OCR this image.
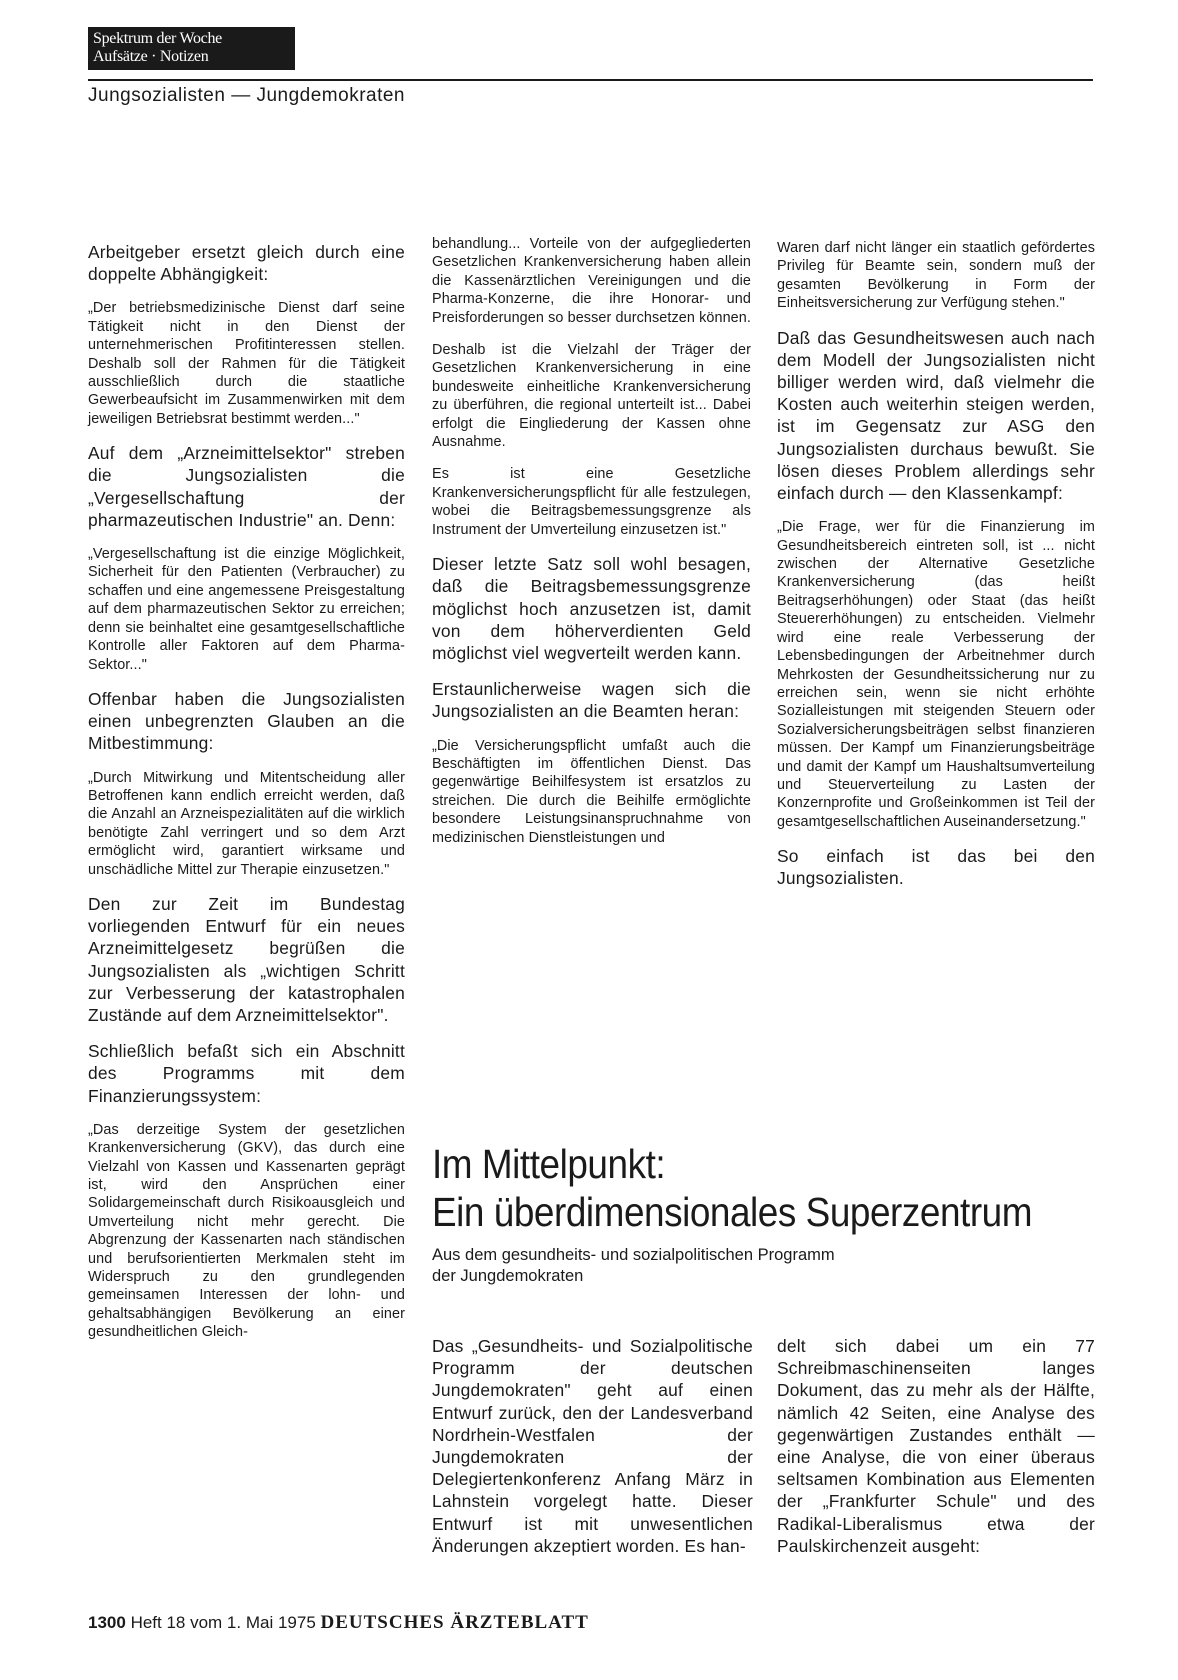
Spektrum der Woche
Aufsätze · Notizen
Jungsozialisten — Jungdemokraten

Arbeitgeber ersetzt gleich durch eine doppelte Abhängigkeit:

„Der betriebsmedizinische Dienst darf seine Tätigkeit nicht in den Dienst der unternehmerischen Profitinteressen stellen. Deshalb soll der Rahmen für die Tätigkeit ausschließlich durch die staatliche Gewerbeaufsicht im Zusammenwirken mit dem jeweiligen Betriebsrat bestimmt werden..."

Auf dem „Arzneimittelsektor" streben die Jungsozialisten die „Vergesellschaftung der pharmazeutischen Industrie" an. Denn:

„Vergesellschaftung ist die einzige Möglichkeit, Sicherheit für den Patienten (Verbraucher) zu schaffen und eine angemessene Preisgestaltung auf dem pharmazeutischen Sektor zu erreichen; denn sie beinhaltet eine gesamtgesellschaftliche Kontrolle aller Faktoren auf dem Pharma-Sektor..."

Offenbar haben die Jungsozialisten einen unbegrenzten Glauben an die Mitbestimmung:

„Durch Mitwirkung und Mitentscheidung aller Betroffenen kann endlich erreicht werden, daß die Anzahl an Arzneispezialitäten auf die wirklich benötigte Zahl verringert und so dem Arzt ermöglicht wird, garantiert wirksame und unschädliche Mittel zur Therapie einzusetzen."

Den zur Zeit im Bundestag vorliegenden Entwurf für ein neues Arzneimittelgesetz begrüßen die Jungsozialisten als „wichtigen Schritt zur Verbesserung der katastrophalen Zustände auf dem Arzneimittelsektor".

Schließlich befaßt sich ein Abschnitt des Programms mit dem Finanzierungssystem:

„Das derzeitige System der gesetzlichen Krankenversicherung (GKV), das durch eine Vielzahl von Kassen und Kassenarten geprägt ist, wird den Ansprüchen einer Solidargemeinschaft durch Risikoausgleich und Umverteilung nicht mehr gerecht. Die Abgrenzung der Kassenarten nach ständischen und berufsorientierten Merkmalen steht im Widerspruch zu den grundlegenden gemeinsamen Interessen der lohn- und gehaltsabhängigen Bevölkerung an einer gesundheitlichen Gleich-

behandlung... Vorteile von der aufgegliederten Gesetzlichen Krankenversicherung haben allein die Kassenärztlichen Vereinigungen und die Pharma-Konzerne, die ihre Honorar- und Preisforderungen so besser durchsetzen können.

Deshalb ist die Vielzahl der Träger der Gesetzlichen Krankenversicherung in eine bundesweite einheitliche Krankenversicherung zu überführen, die regional unterteilt ist... Dabei erfolgt die Eingliederung der Kassen ohne Ausnahme.

Es ist eine Gesetzliche Krankenversicherungspflicht für alle festzulegen, wobei die Beitragsbemessungsgrenze als Instrument der Umverteilung einzusetzen ist."

Dieser letzte Satz soll wohl besagen, daß die Beitragsbemessungsgrenze möglichst hoch anzusetzen ist, damit von dem höherverdienten Geld möglichst viel wegverteilt werden kann.

Erstaunlicherweise wagen sich die Jungsozialisten an die Beamten heran:

„Die Versicherungspflicht umfaßt auch die Beschäftigten im öffentlichen Dienst. Das gegenwärtige Beihilfesystem ist ersatzlos zu streichen. Die durch die Beihilfe ermöglichte besondere Leistungsinanspruchnahme von medizinischen Dienstleistungen und

Waren darf nicht länger ein staatlich gefördertes Privileg für Beamte sein, sondern muß der gesamten Bevölkerung in Form der Einheitsversicherung zur Verfügung stehen."

Daß das Gesundheitswesen auch nach dem Modell der Jungsozialisten nicht billiger werden wird, daß vielmehr die Kosten auch weiterhin steigen werden, ist im Gegensatz zur ASG den Jungsozialisten durchaus bewußt. Sie lösen dieses Problem allerdings sehr einfach durch — den Klassenkampf:

„Die Frage, wer für die Finanzierung im Gesundheitsbereich eintreten soll, ist ... nicht zwischen der Alternative Gesetzliche Krankenversicherung (das heißt Beitragserhöhungen) oder Staat (das heißt Steuererhöhungen) zu entscheiden. Vielmehr wird eine reale Verbesserung der Lebensbedingungen der Arbeitnehmer durch Mehrkosten der Gesundheitssicherung nur zu erreichen sein, wenn sie nicht erhöhte Sozialleistungen mit steigenden Steuern oder Sozialversicherungsbeiträgen selbst finanzieren müssen. Der Kampf um Finanzierungsbeiträge und damit der Kampf um Haushaltsumverteilung und Steuerverteilung zu Lasten der Konzernprofite und Großeinkommen ist Teil der gesamtgesellschaftlichen Auseinandersetzung."

So einfach ist das bei den Jungsozialisten.

Im Mittelpunkt:
Ein überdimensionales Superzentrum
Aus dem gesundheits- und sozialpolitischen Programm
der Jungdemokraten

Das „Gesundheits- und Sozialpolitische Programm der deutschen Jungdemokraten" geht auf einen Entwurf zurück, den der Landesverband Nordrhein-Westfalen der Jungdemokraten der Delegiertenkonferenz Anfang März in Lahnstein vorgelegt hatte. Dieser Entwurf ist mit unwesentlichen Änderungen akzeptiert worden. Es han-

delt sich dabei um ein 77 Schreibmaschinenseiten langes Dokument, das zu mehr als der Hälfte, nämlich 42 Seiten, eine Analyse des gegenwärtigen Zustandes enthält — eine Analyse, die von einer überaus seltsamen Kombination aus Elementen der „Frankfurter Schule" und des Radikal-Liberalismus etwa der Paulskirchenzeit ausgeht:

1300 Heft 18 vom 1. Mai 1975 DEUTSCHES ÄRZTEBLATT
